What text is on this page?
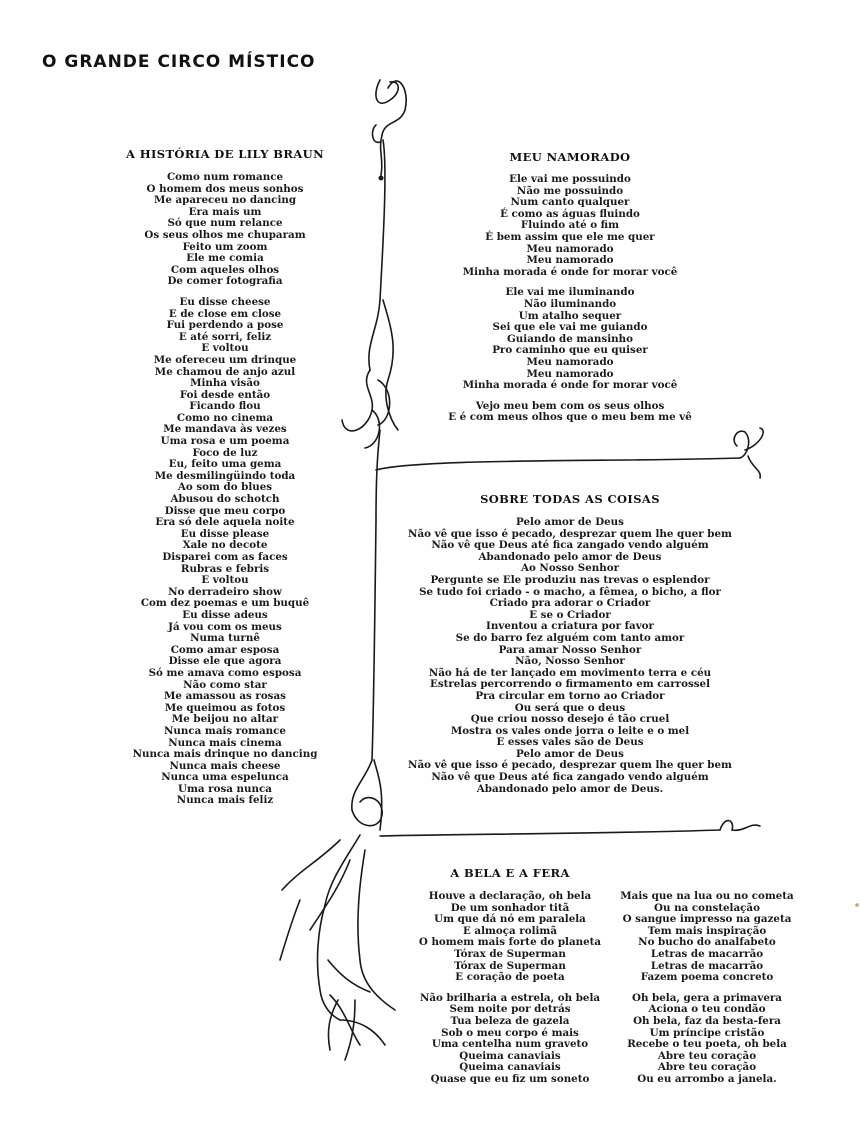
O GRANDE CIRCO MÍSTICO
A HISTÓRIA DE LILY BRAUN
Como num romance
O homem dos meus sonhos
Me apareceu no dancing
Era mais um
Só que num relance
Os seus olhos me chuparam
Feito um zoom
Ele me comia
Com aqueles olhos
De comer fotografia
Eu disse cheese
E de close em close
Fui perdendo a pose
E até sorri, feliz
E voltou
Me ofereceu um drinque
Me chamou de anjo azul
Minha visão
Foi desde então
Ficando flou
Como no cinema
Me mandava às vezes
Uma rosa e um poema
Foco de luz
Eu, feito uma gema
Me desmilingüindo toda
Ao som do blues
Abusou do schotch
Disse que meu corpo
Era só dele aquela noite
Eu disse please
Xale no decote
Disparei com as faces
Rubras e febris
E voltou
No derradeiro show
Com dez poemas e um buquê
Eu disse adeus
Já vou com os meus
Numa turnê
Como amar esposa
Disse ele que agora
Só me amava como esposa
Não como star
Me amassou as rosas
Me queimou as fotos
Me beijou no altar
Nunca mais romance
Nunca mais cinema
Nunca mais drinque no dancing
Nunca mais cheese
Nunca uma espelunca
Uma rosa nunca
Nunca mais feliz
MEU NAMORADO
Ele vai me possuindo
Não me possuindo
Num canto qualquer
É como as águas fluindo
Fluindo até o fim
É bem assim que ele me quer
Meu namorado
Meu namorado
Minha morada é onde for morar você
Ele vai me iluminando
Não iluminando
Um atalho sequer
Sei que ele vai me guiando
Guiando de mansinho
Pro caminho que eu quiser
Meu namorado
Meu namorado
Minha morada é onde for morar você
Vejo meu bem com os seus olhos
E é com meus olhos que o meu bem me vê
SOBRE TODAS AS COISAS
Pelo amor de Deus
Não vê que isso é pecado, desprezar quem lhe quer bem
Não vê que Deus até fica zangado vendo alguém
Abandonado pelo amor de Deus
Ao Nosso Senhor
Pergunte se Ele produziu nas trevas o esplendor
Se tudo foi criado - o macho, a fêmea, o bicho, a flor
Criado pra adorar o Criador
E se o Criador
Inventou a criatura por favor
Se do barro fez alguém com tanto amor
Para amar Nosso Senhor
Não, Nosso Senhor
Não há de ter lançado em movimento terra e céu
Estrelas percorrendo o firmamento em carrossel
Pra circular em torno ao Criador
Ou será que o deus
Que criou nosso desejo é tão cruel
Mostra os vales onde jorra o leite e o mel
E esses vales são de Deus
Pelo amor de Deus
Não vê que isso é pecado, desprezar quem lhe quer bem
Não vê que Deus até fica zangado vendo alguém
Abandonado pelo amor de Deus.
A BELA E A FERA
Houve a declaração, oh bela
De um sonhador titã
Um que dá nó em paralela
E almoça rolimã
O homem mais forte do planeta
Tórax de Superman
Tórax de Superman
E coração de poeta
Não brilharia a estrela, oh bela
Sem noite por detrás
Tua beleza de gazela
Sob o meu corpo é mais
Uma centelha num graveto
Queima canaviais
Queima canaviais
Quase que eu fiz um soneto
Mais que na lua ou no cometa
Ou na constelação
O sangue impresso na gazeta
Tem mais inspiração
No bucho do analfabeto
Letras de macarrão
Letras de macarrão
Fazem poema concreto
Oh bela, gera a primavera
Aciona o teu condão
Oh bela, faz da besta-fera
Um príncipe cristão
Recebe o teu poeta, oh bela
Abre teu coração
Abre teu coração
Ou eu arrombo a janela.
